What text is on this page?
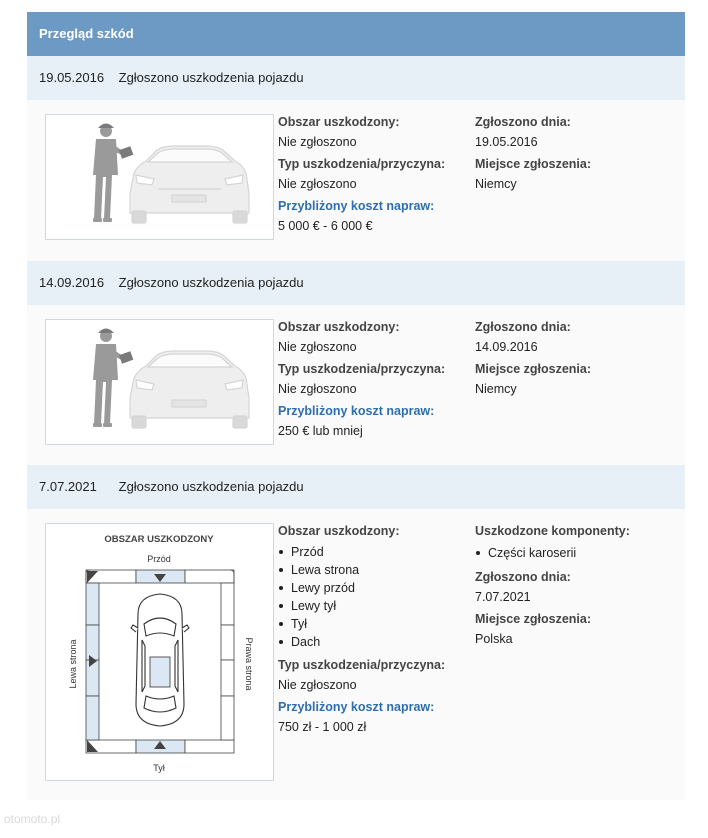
Przegląd szkód
19.05.2016 Zgłoszono uszkodzenia pojazdu
Obszar uszkodzony:
Nie zgłoszono
Typ uszkodzenia/przyczyna:
Nie zgłoszono
Przybliżony koszt napraw:
5 000 € - 6 000 €
Zgłoszono dnia:
19.05.2016
Miejsce zgłoszenia:
Niemcy
14.09.2016 Zgłoszono uszkodzenia pojazdu
Obszar uszkodzony:
Nie zgłoszono
Typ uszkodzenia/przyczyna:
Nie zgłoszono
Przybliżony koszt napraw:
250 € lub mniej
Zgłoszono dnia:
14.09.2016
Miejsce zgłoszenia:
Niemcy
7.07.2021 Zgłoszono uszkodzenia pojazdu
OBSZAR USZKODZONY
Przód
Tył
Lewa strona	Prawa strona
Obszar uszkodzony:
Przód
Lewa strona
Lewy przód
Lewy tył
Tył
Dach
Typ uszkodzenia/przyczyna:
Nie zgłoszono
Przybliżony koszt napraw:
750 zł - 1 000 zł
Uszkodzone komponenty:
Części karoserii
Zgłoszono dnia:
7.07.2021
Miejsce zgłoszenia:
Polska
otomoto.pl
